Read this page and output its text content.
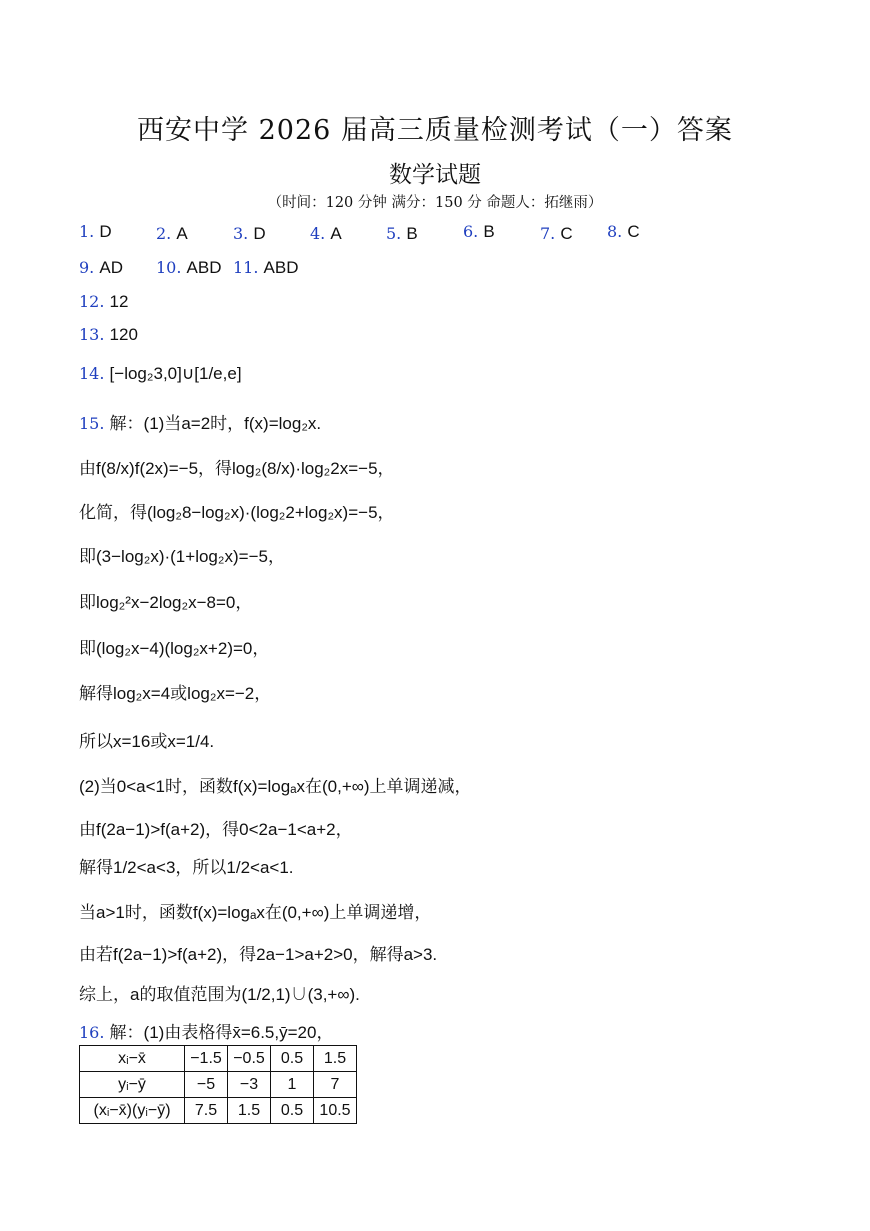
西安中学 2026 届高三质量检测考试（一）答案
数学试题
（时间：120 分钟 满分：150 分 命题人：拓继雨）
1. D	2. A	3. D	4. A	5. B	6. B	7. C 8. C
9. AD 10. ABD 11. ABD
12. 12
13. 120
14. [−log₂3,0]∪[1/e,e]
15. 解：(1)当a=2时，f(x)=log₂x.
由f(8/x)f(2x)=−5，得log₂(8/x)·log₂2x=−5，
化简，得(log₂8−log₂x)·(log₂2+log₂x)=−5，
即(3−log₂x)·(1+log₂x)=−5，
即log₂²x−2log₂x−8=0，
即(log₂x−4)(log₂x+2)=0，
解得log₂x=4或log₂x=−2，
所以x=16或x=1/4.
(2)当0<a<1时，函数f(x)=logₐx在(0,+∞)上单调递减，
由f(2a−1)>f(a+2)，得0<2a−1<a+2，
解得1/2<a<3，所以1/2<a<1.
当a>1时，函数f(x)=logₐx在(0,+∞)上单调递增，
由若f(2a−1)>f(a+2)，得2a−1>a+2>0，解得a>3.
综上，a的取值范围为(1/2,1)∪(3,+∞).
16. 解：(1)由表格得x̄=6.5,ȳ=20，
xᵢ−x̄	−1.5	−0.5	0.5	1.5
yᵢ−ȳ	−5	−3	1	7
(xᵢ−x̄)(yᵢ−ȳ)	7.5	1.5	0.5	10.5
